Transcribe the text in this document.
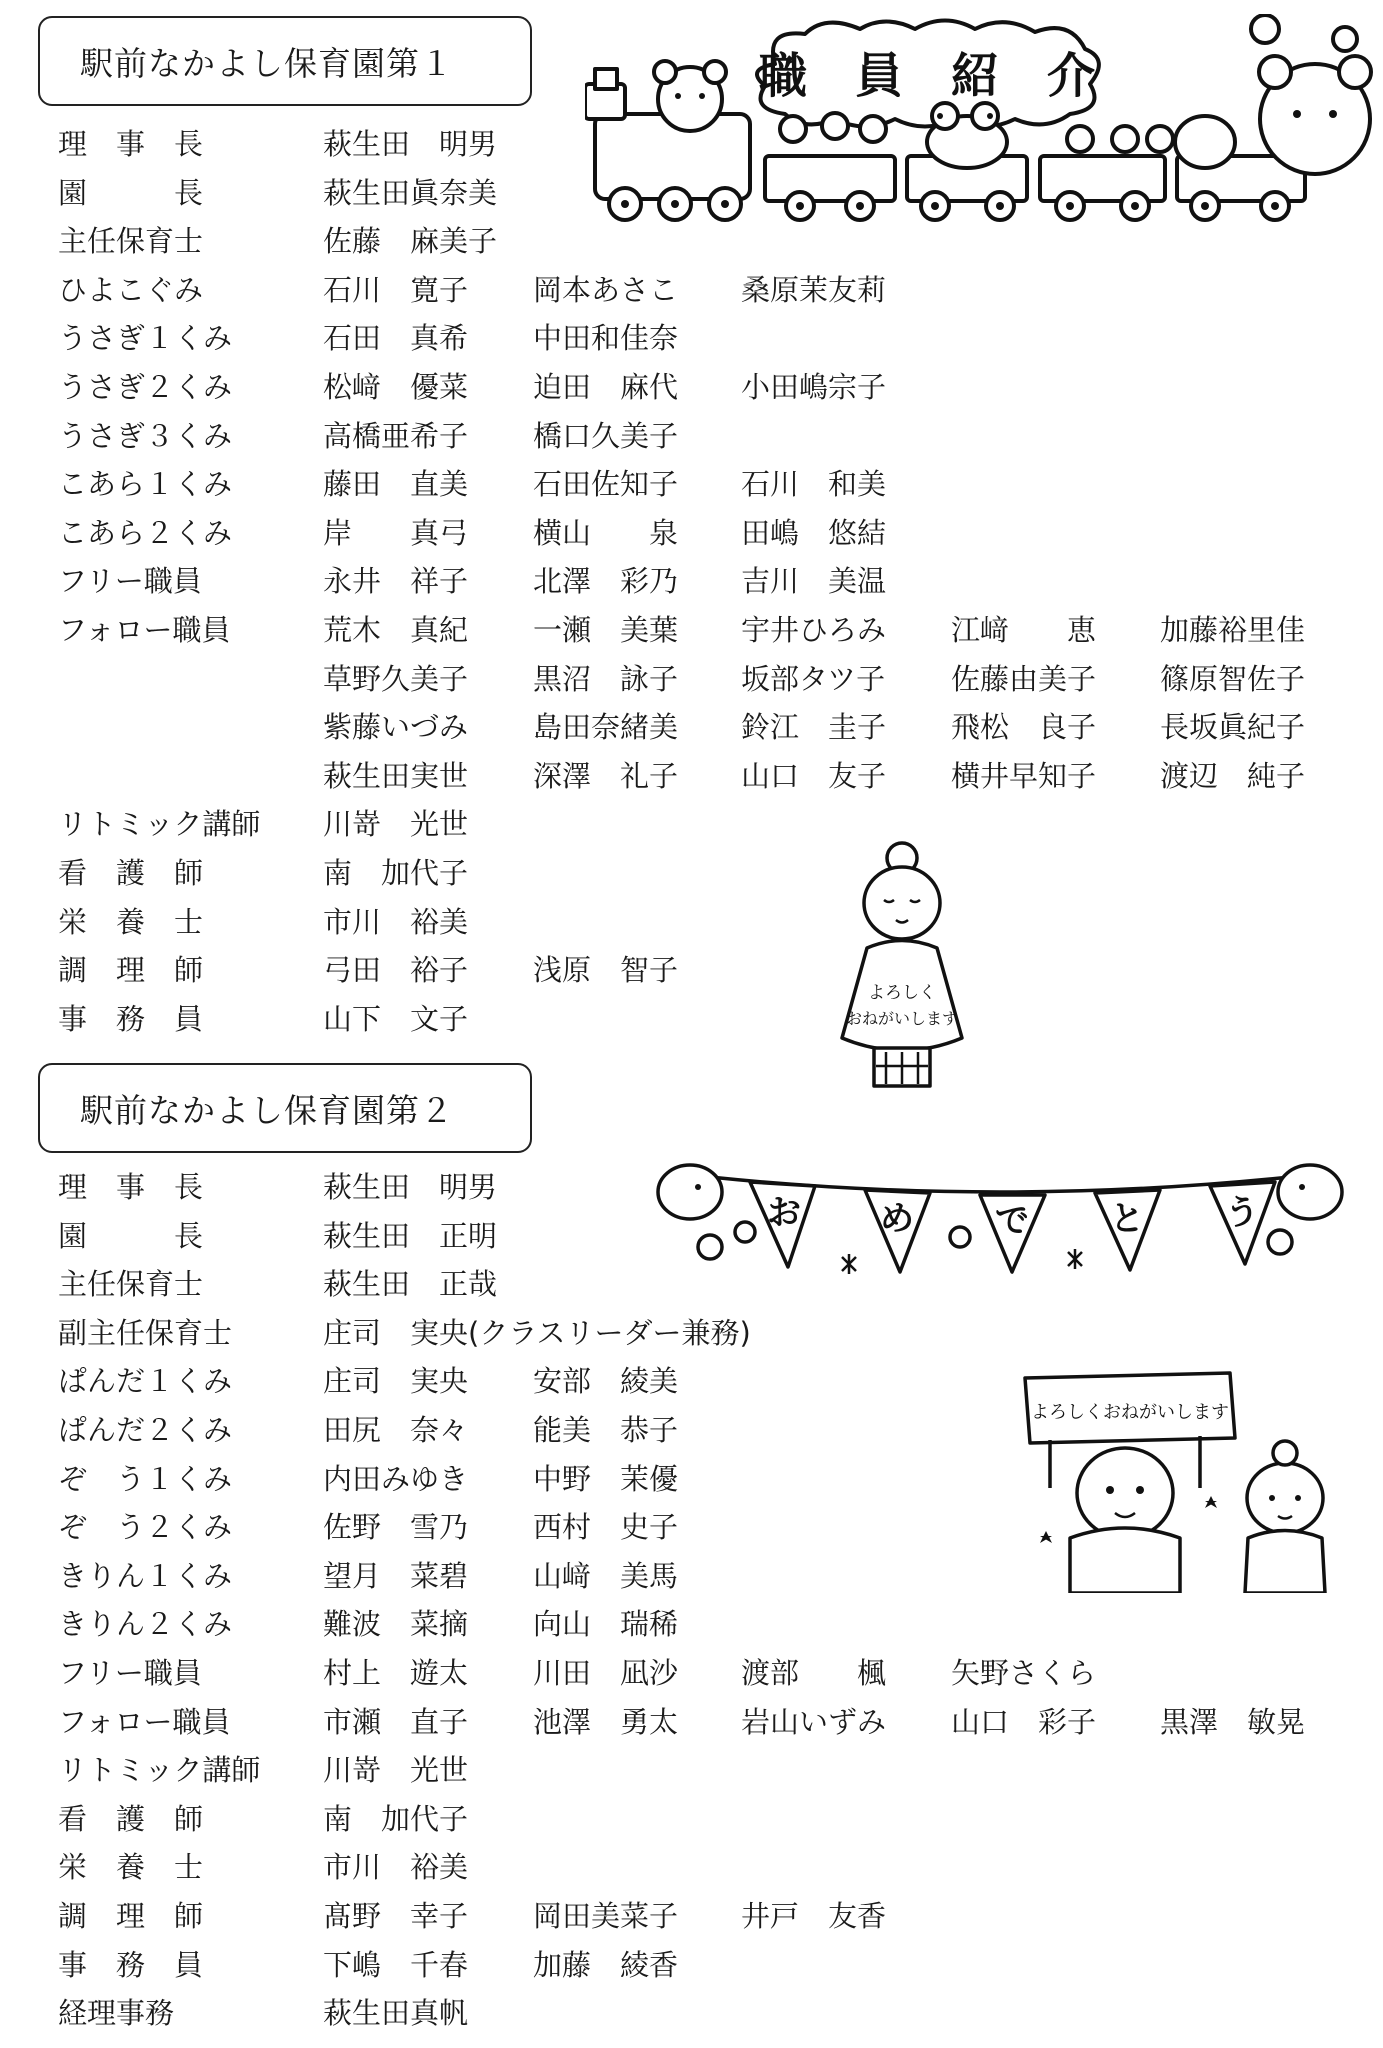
駅前なかよし保育園第１
理　事　長	萩生田　明男
園　　　長	萩生田眞奈美
主任保育士	佐藤　麻美子
ひよこぐみ	石川　寛子 岡本あさこ 桑原茉友莉
うさぎ１くみ	石田　真希 中田和佳奈
うさぎ２くみ	松﨑　優菜 迫田　麻代 小田嶋宗子
うさぎ３くみ	高橋亜希子 橋口久美子
こあら１くみ	藤田　直美 石田佐知子 石川　和美
こあら２くみ	岸　　真弓 横山　　泉 田嶋　悠結
フリー職員	永井　祥子 北澤　彩乃 吉川　美温
フォロー職員	荒木　真紀 一瀬　美葉 宇井ひろみ 江﨑　　恵 加藤裕里佳
草野久美子 黒沼　詠子 坂部タツ子 佐藤由美子 篠原智佐子
紫藤いづみ 島田奈緒美 鈴江　圭子 飛松　良子 長坂眞紀子
萩生田実世 深澤　礼子 山口　友子 横井早知子 渡辺　純子
リトミック講師 川嵜　光世
看　護　師	南　加代子
栄　養　士	市川　裕美
調　理　師	弓田　裕子 浅原　智子
事　務　員	山下　文子
駅前なかよし保育園第２
理　事　長	萩生田　明男
園　　　長	萩生田　正明
主任保育士	萩生田　正哉
副主任保育士	庄司　実央(クラスリーダー兼務)
ぱんだ１くみ	庄司　実央 安部　綾美
ぱんだ２くみ	田尻　奈々 能美　恭子
ぞ　う１くみ	内田みゆき 中野　茉優
ぞ　う２くみ	佐野　雪乃 西村　史子
きりん１くみ	望月　菜碧 山﨑　美馬
きりん２くみ	難波　菜摘 向山　瑞稀
フリー職員	村上　遊太 川田　凪沙 渡部　　楓 矢野さくら
フォロー職員	市瀬　直子 池澤　勇太 岩山いずみ 山口　彩子 黒澤　敏晃
リトミック講師 川嵜　光世
看　護　師	南　加代子
栄　養　士	市川　裕美
調　理　師	髙野　幸子 岡田美菜子 井戸　友香
事　務　員	下嶋　千春 加藤　綾香
経理事務	萩生田真帆
職　員　紹　介
よろしく
おねがいします
お め で と う
よろしくおねがいします
